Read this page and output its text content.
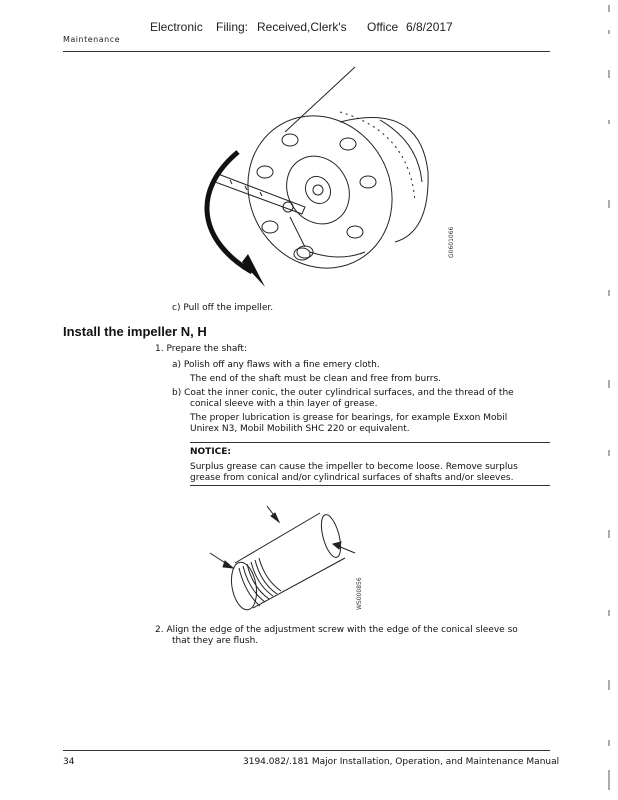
Electronic Filing: Received,Clerk's Office 6/8/2017
Maintenance
G0601066
c) Pull off the impeller.
Install the impeller N, H
1. Prepare the shaft:
a) Polish off any flaws with a fine emery cloth.
The end of the shaft must be clean and free from burrs.
b) Coat the inner conic, the outer cylindrical surfaces, and the thread of the
conical sleeve with a thin layer of grease.
The proper lubrication is grease for bearings, for example Exxon Mobil
Unirex N3, Mobil Mobilith SHC 220 or equivalent.
NOTICE:
Surplus grease can cause the impeller to become loose. Remove surplus
grease from conical and/or cylindrical surfaces of shafts and/or sleeves.
WS000856
2. Align the edge of the adjustment screw with the edge of the conical sleeve so
that they are flush.
34	3194.082/.181 Major Installation, Operation, and Maintenance Manual
